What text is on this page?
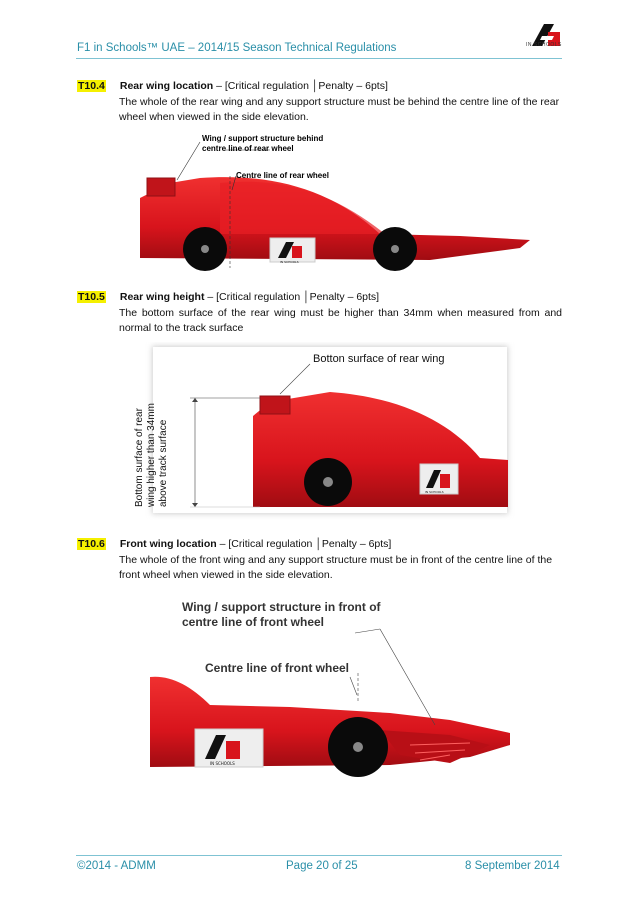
F1 in Schools™ UAE – 2014/15 Season Technical Regulations	IN SCHOOLS
T10.4 Rear wing location – [Critical regulation │Penalty – 6pts]
The whole of the rear wing and any support structure must be behind the centre line of the rear wheel when viewed in the side elevation.
IN SCHOOLS
Wing / support structure behind
centre line of rear wheel
Centre line of rear wheel
T10.5 Rear wing height – [Critical regulation │Penalty – 6pts]
The bottom surface of the rear wing must be higher than 34mm when measured from and normal to the track surface
IN SCHOOLS
Botton surface of rear wing
Bottom surface of rear wing higher than 34mm above track surface
T10.6 Front wing location – [Critical regulation │Penalty – 6pts]
The whole of the front wing and any support structure must be in front of the centre line of the front wheel when viewed in the side elevation.
IN SCHOOLS
Wing / support structure in front of
centre line of front wheel
Centre line of front wheel
©2014 - ADMM	Page 20 of 25	8 September 2014
